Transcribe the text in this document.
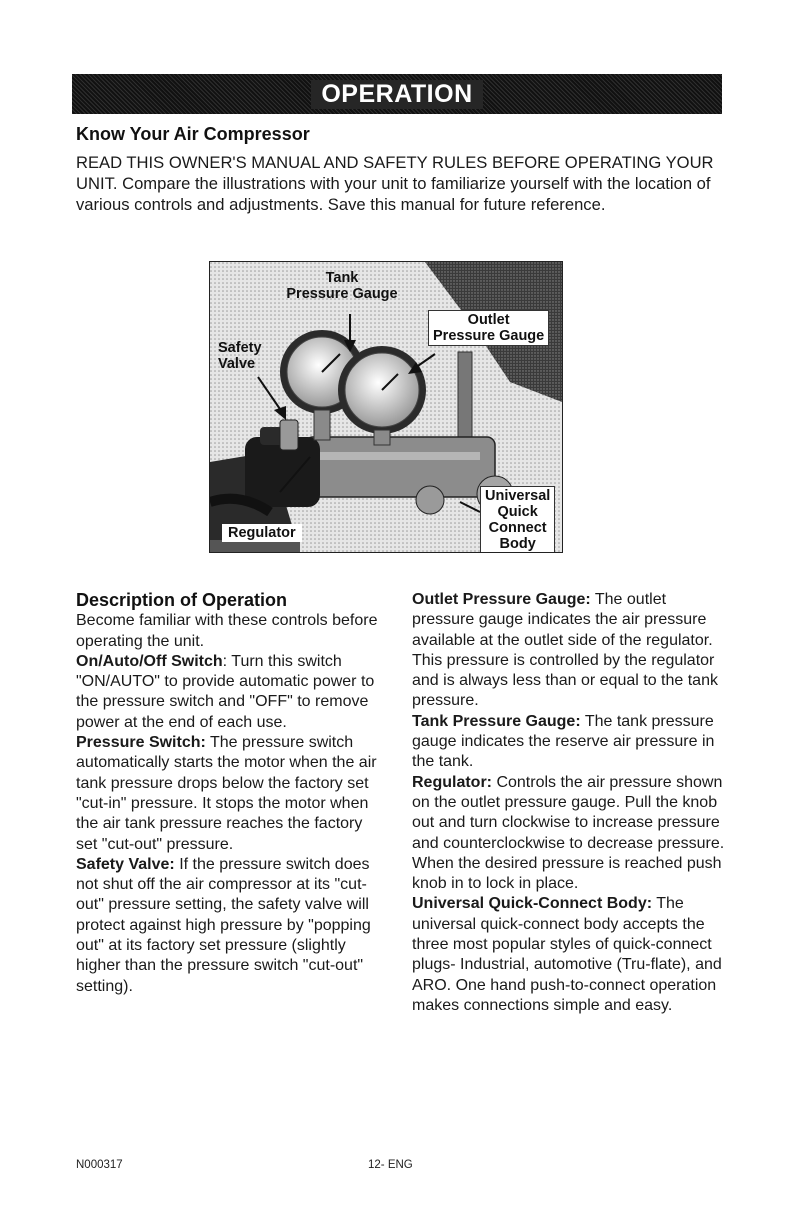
OPERATION
Know Your Air Compressor

READ THIS OWNER'S MANUAL AND SAFETY RULES BEFORE OPERATING YOUR UNIT. Compare the illustrations with your unit to familiarize yourself with the location of various controls and adjustments. Save this manual for future reference.

Tank
Pressure Gauge
Outlet
Pressure Gauge
Safety
Valve
Universal
Quick
Connect
Body
Regulator
Description of Operation

Become familiar with these controls before operating the unit.

On/Auto/Off Switch: Turn this switch "ON/AUTO" to provide automatic power to the pressure switch and "OFF" to remove power at the end of each use.

Pressure Switch: The pressure switch automatically starts the motor when the air tank pressure drops below the factory set "cut-in" pressure. It stops the motor when the air tank pressure reaches the factory set "cut-out" pressure.

Safety Valve: If the pressure switch does not shut off the air compressor at its "cut-out" pressure setting, the safety valve will protect against high pressure by "popping out" at its factory set pressure (slightly higher than the pressure switch "cut-out" setting).

Outlet Pressure Gauge: The outlet pressure gauge indicates the air pressure available at the outlet side of the regulator. This pressure is controlled by the regulator and is always less than or equal to the tank pressure.

Tank Pressure Gauge: The tank pressure gauge indicates the reserve air pressure in the tank.

Regulator: Controls the air pressure shown on the outlet pressure gauge. Pull the knob out and turn clockwise to increase pressure and counterclockwise to decrease pressure. When the desired pressure is reached push knob in to lock in place.

Universal Quick-Connect Body: The universal quick-connect body accepts the three most popular styles of quick-connect plugs- Industrial, automotive (Tru-flate), and ARO. One hand push-to-connect operation makes connections simple and easy.

N000317	12- ENG
